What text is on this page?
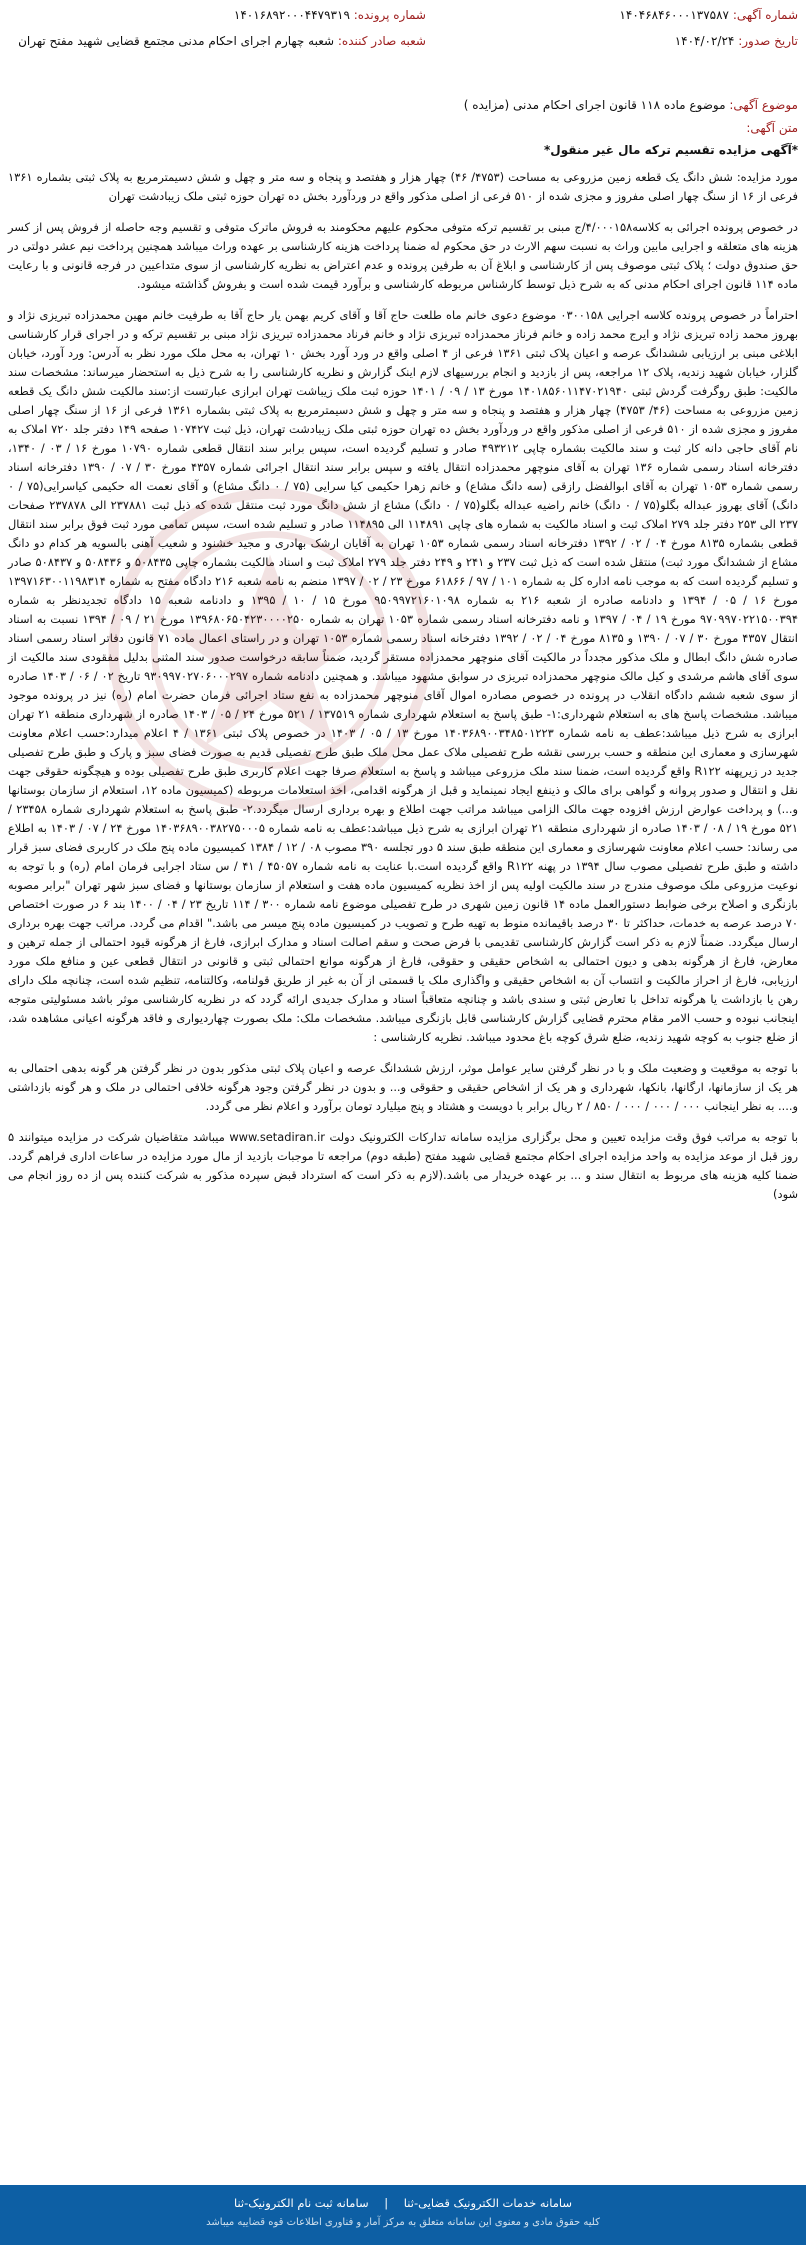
شماره آگهی: ۱۴۰۴۶۸۴۶۰۰۰۱۳۷۵۸۷
شماره پرونده: ۱۴۰۱۶۸۹۲۰۰۰۴۴۷۹۳۱۹
تاریخ صدور: ۱۴۰۴/۰۲/۲۴
شعبه صادر کننده: شعبه چهارم اجرای احکام مدنی مجتمع قضایی شهید مفتح تهران
موضوع آگهی: موضوع ماده ۱۱۸ قانون اجرای احکام مدنی (مزایده )
متن آگهی:
*آگهی مزایده تقسیم ترکه مال غیر منقول*

مورد مزایده: شش دانگ یک قطعه زمین مزروعی به مساحت (۴۷۵۳/ ۴۶) چهار هزار و هفتصد و پنجاه و سه متر و چهل و شش دسیمترمربع به پلاک ثبتی بشماره ۱۳۶۱ فرعی از ۱۶ از سنگ چهار اصلی مفروز و مجزی شده از ۵۱۰ فرعی از اصلی مذکور واقع در وردآورد بخش ده تهران حوزه ثبتی ملک زیبادشت تهران

در خصوص پرونده اجرائی به کلاسه۴/۰۰۰۱۵۸/ج مبنی بر تقسیم ترکه متوفی محکوم علیهم محکومند به فروش ماترک متوفی و تقسیم وجه حاصله از فروش پس از کسر هزینه های متعلقه و اجرایی مابین وراث به نسبت سهم الارث در حق محکوم له ضمنا پرداخت هزینه کارشناسی بر عهده وراث میباشد همچنین پرداخت نیم عشر دولتی در حق صندوق دولت ؛ پلاک ثبتی موصوف پس از کارشناسی و ابلاغ آن به طرفین پرونده و عدم اعتراض به نظریه کارشناسی از سوی متداعیین در فرجه قانونی و با رعایت ماده ۱۱۴ قانون اجرای احکام مدنی که به شرح ذیل توسط کارشناس مربوطه کارشناسی و برآورد قیمت شده است و بفروش گذاشته میشود.

احتراماً در خصوص پرونده کلاسه اجرایی ۰۳۰۰۱۵۸ موضوع دعوی خانم ماه طلعت حاج آقا و آقای کریم بهمن یار حاج آقا به طرفیت خانم مهین محمدزاده تبریزی نژاد و بهروز محمد زاده تبریزی نژاد و ایرج محمد زاده و خانم فرناز محمدزاده تبریزی نژاد و خانم فرناد محمدزاده تبریزی نژاد مبنی بر تقسیم ترکه و در اجرای قرار کارشناسی ابلاغی مبنی بر ارزیابی ششدانگ عرصه و اعیان پلاک ثبتی ۱۳۶۱ فرعی از ۴ اصلی واقع در ورد آورد بخش ۱۰ تهران، به محل ملک مورد نظر به آدرس: ورد آورد، خیابان گلزار، خیابان شهید زندیه، پلاک ۱۲ مراجعه، پس از بازدید و انجام بررسیهای لازم اینک گزارش و نظریه کارشناسی را به شرح ذیل به استحضار میرساند: مشخصات سند مالکیت: طبق روگرفت گردش ثبتی ۱۴۰۱۸۵۶۰۱۱۴۷۰۲۱۹۴۰ مورخ ۱۳ / ۰۹ / ۱۴۰۱ حوزه ثبت ملک زیباشت تهران ابرازی عبارتست از:سند مالکیت شش دانگ یک قطعه زمین مزروعی به مساحت (۴۶/ ۴۷۵۳) چهار هزار و هفتصد و پنجاه و سه متر و چهل و شش دسیمترمربع به پلاک ثبتی بشماره ۱۳۶۱ فرعی از ۱۶ از سنگ چهار اصلی مفروز و مجزی شده از ۵۱۰ فرعی از اصلی مذکور واقع در وردآورد بخش ده تهران حوزه ثبتی ملک زیبادشت تهران، ذیل ثبت ۱۰۷۴۲۷ صفحه ۱۴۹ دفتر جلد ۷۲۰ املاک به نام آقای حاجی دانه کار ثبت و سند مالکیت بشماره چاپی ۴۹۳۲۱۲ صادر و تسلیم گردیده است، سپس برابر سند انتقال قطعی شماره ۱۰۷۹۰ مورخ ۱۶ / ۰۳ / ۱۳۴۰، دفترخانه اسناد رسمی شماره ۱۳۶ تهران به آقای منوچهر محمدزاده انتقال یافته و سپس برابر سند انتقال اجرائی شماره ۴۳۵۷ مورخ ۳۰ / ۰۷ / ۱۳۹۰ دفترخانه اسناد رسمی شماره ۱۰۵۳ تهران به آقای ابوالفضل رازقی (سه دانگ مشاع) و خانم زهرا حکیمی کیا سرایی (۷۵ / ۰ دانگ مشاع) و آقای نعمت اله حکیمی کیاسرایی(۷۵ / ۰ دانگ) آقای بهروز عبداله بگلو(۷۵ / ۰ دانگ) خانم راضیه عبداله بگلو(۷۵ / ۰ دانگ) مشاع از شش دانگ مورد ثبت منتقل شده که ذیل ثبت ۲۳۷۸۸۱ الی ۲۳۷۸۷۸ صفحات ۲۳۷ الی ۲۵۳ دفتر جلد ۲۷۹ املاک ثبت و اسناد مالکیت به شماره های چاپی ۱۱۴۸۹۱ الی ۱۱۴۸۹۵ صادر و تسلیم شده است، سپس تمامی مورد ثبت فوق برابر سند انتقال قطعی بشماره ۸۱۳۵ مورخ ۰۴ / ۰۲ / ۱۳۹۲ دفترخانه اسناد رسمی شماره ۱۰۵۳ تهران به آقایان ارشک بهادری و مجید خشنود و شعیب آهنی بالسویه هر کدام دو دانگ مشاع از ششدانگ مورد ثبت) منتقل شده است که ذیل ثبت ۲۳۷ و ۲۴۱ و ۲۴۹ دفتر جلد ۲۷۹ املاک ثبت و اسناد مالکیت بشماره چاپی ۵۰۸۴۳۵ و ۵۰۸۴۳۶ و ۵۰۸۴۳۷ صادر و تسلیم گردیده است که به موجب نامه اداره کل به شماره ۱۰۱ / ۹۷ / ۶۱۸۶۶ مورخ ۲۳ / ۰۲ / ۱۳۹۷ منضم به نامه شعبه ۲۱۶ دادگاه مفتح به شماره ۱۳۹۷۱۶۳۰۰۱۱۹۸۳۱۴ مورخ ۱۶ / ۰۵ / ۱۳۹۴ و دادنامه صادره از شعبه ۲۱۶ به شماره ۹۵۰۹۹۷۲۱۶۰۱۰۹۸ مورخ ۱۵ / ۱۰ / ۱۳۹۵ و دادنامه شعبه ۱۵ دادگاه تجدیدنظر به شماره ۹۷۰۹۹۷۰۲۲۱۵۰۰۳۹۴ مورخ ۱۹ / ۰۴ / ۱۳۹۷ و نامه دفترخانه اسناد رسمی شماره ۱۰۵۳ تهران به شماره ۱۳۹۶۸۰۶۵۰۴۲۳۰۰۰۰۲۵۰ مورخ ۲۱ / ۰۹ / ۱۳۹۴ نسبت به اسناد انتقال ۴۳۵۷ مورخ ۳۰ / ۰۷ / ۱۳۹۰ و ۸۱۳۵ مورخ ۰۴ / ۰۲ / ۱۳۹۲ دفترخانه اسناد رسمی شماره ۱۰۵۳ تهران و در راستای اعمال ماده ۷۱ قانون دفاتر اسناد رسمی اسناد صادره شش دانگ ابطال و ملک مذکور مجدداً در مالکیت آقای منوچهر محمدزاده مستقر گردید، ضمناً سابقه درخواست صدور سند المثنی بدلیل مفقودی سند مالکیت از سوی آقای هاشم مرشدی و کیل مالک منوچهر محمدزاده تبریزی در سوابق مشهود میباشد. و همچنین دادنامه شماره ۹۳۰۹۹۷۰۲۷۰۶۰۰۰۲۹۷ تاریخ ۰۲ / ۰۶ / ۱۴۰۳ صادره از سوی شعبه ششم دادگاه انقلاب در پرونده در خصوص مصادره اموال آقای منوچهر محمدزاده به نفع ستاد اجرائی فرمان حضرت امام (ره) نیز در پرونده موجود میباشد. مشخصات پاسخ های به استعلام شهرداری:۱- طبق پاسخ به استعلام شهرداری شماره ۱۳۷۵۱۹ / ۵۲۱ مورخ ۲۴ / ۰۵ / ۱۴۰۳ صادره از شهرداری منطقه ۲۱ تهران ابرازی به شرح ذیل میباشد:عطف به نامه شماره ۱۴۰۳۶۸۹۰۰۳۴۸۵۰۱۲۲۳ مورخ ۱۳ / ۰۵ / ۱۴۰۳ در خصوص پلاک ثبتی ۱۳۶۱ / ۴ اعلام میدارد:حسب اعلام معاونت شهرسازی و معماری این منطقه و حسب بررسی نقشه طرح تفصیلی ملاک عمل محل ملک طبق طرح تفصیلی قدیم به صورت فضای سبز و پارک و طبق طرح تفصیلی جدید در زیرپهنه R۱۲۲ واقع گردیده است، ضمنا سند ملک مزروعی میباشد و پاسخ به استعلام صرفا جهت اعلام کاربری طبق طرح تفصیلی بوده و هیچگونه حقوقی جهت نقل و انتقال و صدور پروانه و گواهی برای مالک و ذینفع ایجاد نمینماید و قبل از هرگونه اقدامی، اخذ استعلامات مربوطه (کمیسیون ماده ۱۲، استعلام از سازمان بوستانها و...) و پرداخت عوارض ارزش افزوده جهت مالک الزامی میباشد مراتب جهت اطلاع و بهره برداری ارسال میگردد.۲- طبق پاسخ به استعلام شهرداری شماره ۲۳۴۵۸ / ۵۲۱ مورخ ۱۹ / ۰۸ / ۱۴۰۳ صادره از شهرداری منطقه ۲۱ تهران ابرازی به شرح ذیل میباشد:عطف به نامه شماره ۱۴۰۳۶۸۹۰۰۳۸۲۷۵۰۰۰۵ مورخ ۲۴ / ۰۷ / ۱۴۰۳ به اطلاع می رساند: حسب اعلام معاونت شهرسازی و معماری این منطقه طبق سند ۵ دور تجلسه ۳۹۰ مصوب ۰۸ / ۱۲ / ۱۳۸۴ کمیسیون ماده پنج ملک در کاربری فضای سبز قرار داشته و طبق طرح تفصیلی مصوب سال ۱۳۹۴ در پهنه R۱۲۲ واقع گردیده است.با عنایت به نامه شماره ۴۵۰۵۷ / ۴۱ / س ستاد اجرایی فرمان امام (ره) و با توجه به نوعیت مزروعی ملک موصوف مندرج در سند مالکیت اولیه پس از اخذ نظریه کمیسیون ماده هفت و استعلام از سازمان بوستانها و فضای سبز شهر تهران "برابر مصوبه بازنگری و اصلاح برخی ضوابط دستورالعمل ماده ۱۴ قانون زمین شهری در طرح تفصیلی موضوع نامه شماره ۳۰۰ / ۱۱۴ تاریخ ۲۳ / ۰۴ / ۱۴۰۰ بند ۶ در صورت اختصاص ۷۰ درصد عرصه به خدمات، حداکثر تا ۳۰ درصد باقیمانده منوط به تهیه طرح و تصویب در کمیسیون ماده پنج میسر می باشد." اقدام می گردد. مراتب جهت بهره برداری ارسال میگردد. ضمناً لازم به ذکر است گزارش کارشناسی تقدیمی با فرض صحت و سقم اصالت اسناد و مدارک ابرازی، فارغ از هرگونه قیود احتمالی از جمله ترهین و معارض، فارغ از هرگونه بدهی و دیون احتمالی به اشخاص حقیقی و حقوقی، فارغ از هرگونه موانع احتمالی ثبتی و قانونی در انتقال قطعی عین و منافع ملک مورد ارزیابی، فارغ از احراز مالکیت و انتساب آن به اشخاص حقیقی و واگذاری ملک یا قسمتی از آن به غیر از طریق قولنامه، وکالتنامه، تنظیم شده است، چنانچه ملک دارای رهن یا بازداشت یا هرگونه تداخل با تعارض ثبتی و سندی باشد و چنانچه متعاقباً اسناد و مدارک جدیدی ارائه گردد که در نظریه کارشناسی موثر باشد مسئولیتی متوجه اینجانب نبوده و حسب الامر مقام محترم قضایی گزارش کارشناسی قابل بازنگری میباشد. مشخصات ملک: ملک بصورت چهاردیواری و فاقد هرگونه اعیانی مشاهده شد، از ضلع جنوب به کوچه شهید زندیه، ضلع شرق کوچه باغ محدود میباشد. نظریه کارشناسی :

با توجه به موقعیت و وضعیت ملک و با در نظر گرفتن سایر عوامل موثر، ارزش ششدانگ عرصه و اعیان پلاک ثبتی مذکور بدون در نظر گرفتن هر گونه بدهی احتمالی به هر یک از سازمانها، ارگانها، بانکها، شهرداری و هر یک از اشخاص حقیقی و حقوقی و... و بدون در نظر گرفتن وجود هرگونه خلافی احتمالی در ملک و هر گونه بازداشتی و.... به نظر اینجانب ۰۰۰ / ۰۰۰ / ۰۰۰ / ۸۵۰ / ۲ ریال برابر با دویست و هشتاد و پنج میلیارد تومان برآورد و اعلام نظر می گردد.

با توجه به مراتب فوق وقت مزایده تعیین و محل برگزاری مزایده سامانه تدارکات الکترونیک دولت www.setadiran.ir میباشد متقاضیان شرکت در مزایده میتوانند ۵ روز قبل از موعد مزایده به واحد مزایده اجرای احکام مجتمع قضایی شهید مفتح (طبقه دوم) مراجعه تا موجبات بازدید از مال مورد مزایده در ساعات اداری فراهم گردد. ضمنا کلیه هزینه های مربوط به انتقال سند و ... بر عهده خریدار می باشد.(لازم به ذکر است که استرداد قبض سپرده مذکور به شرکت کننده پس از ده روز انجام می شود)

سامانه خدمات الکترونیک قضایی-ثنا | سامانه ثبت نام الکترونیک-ثنا
کلیه حقوق مادی و معنوی این سامانه متعلق به مرکز آمار و فناوری اطلاعات قوه قضاییه میباشد
